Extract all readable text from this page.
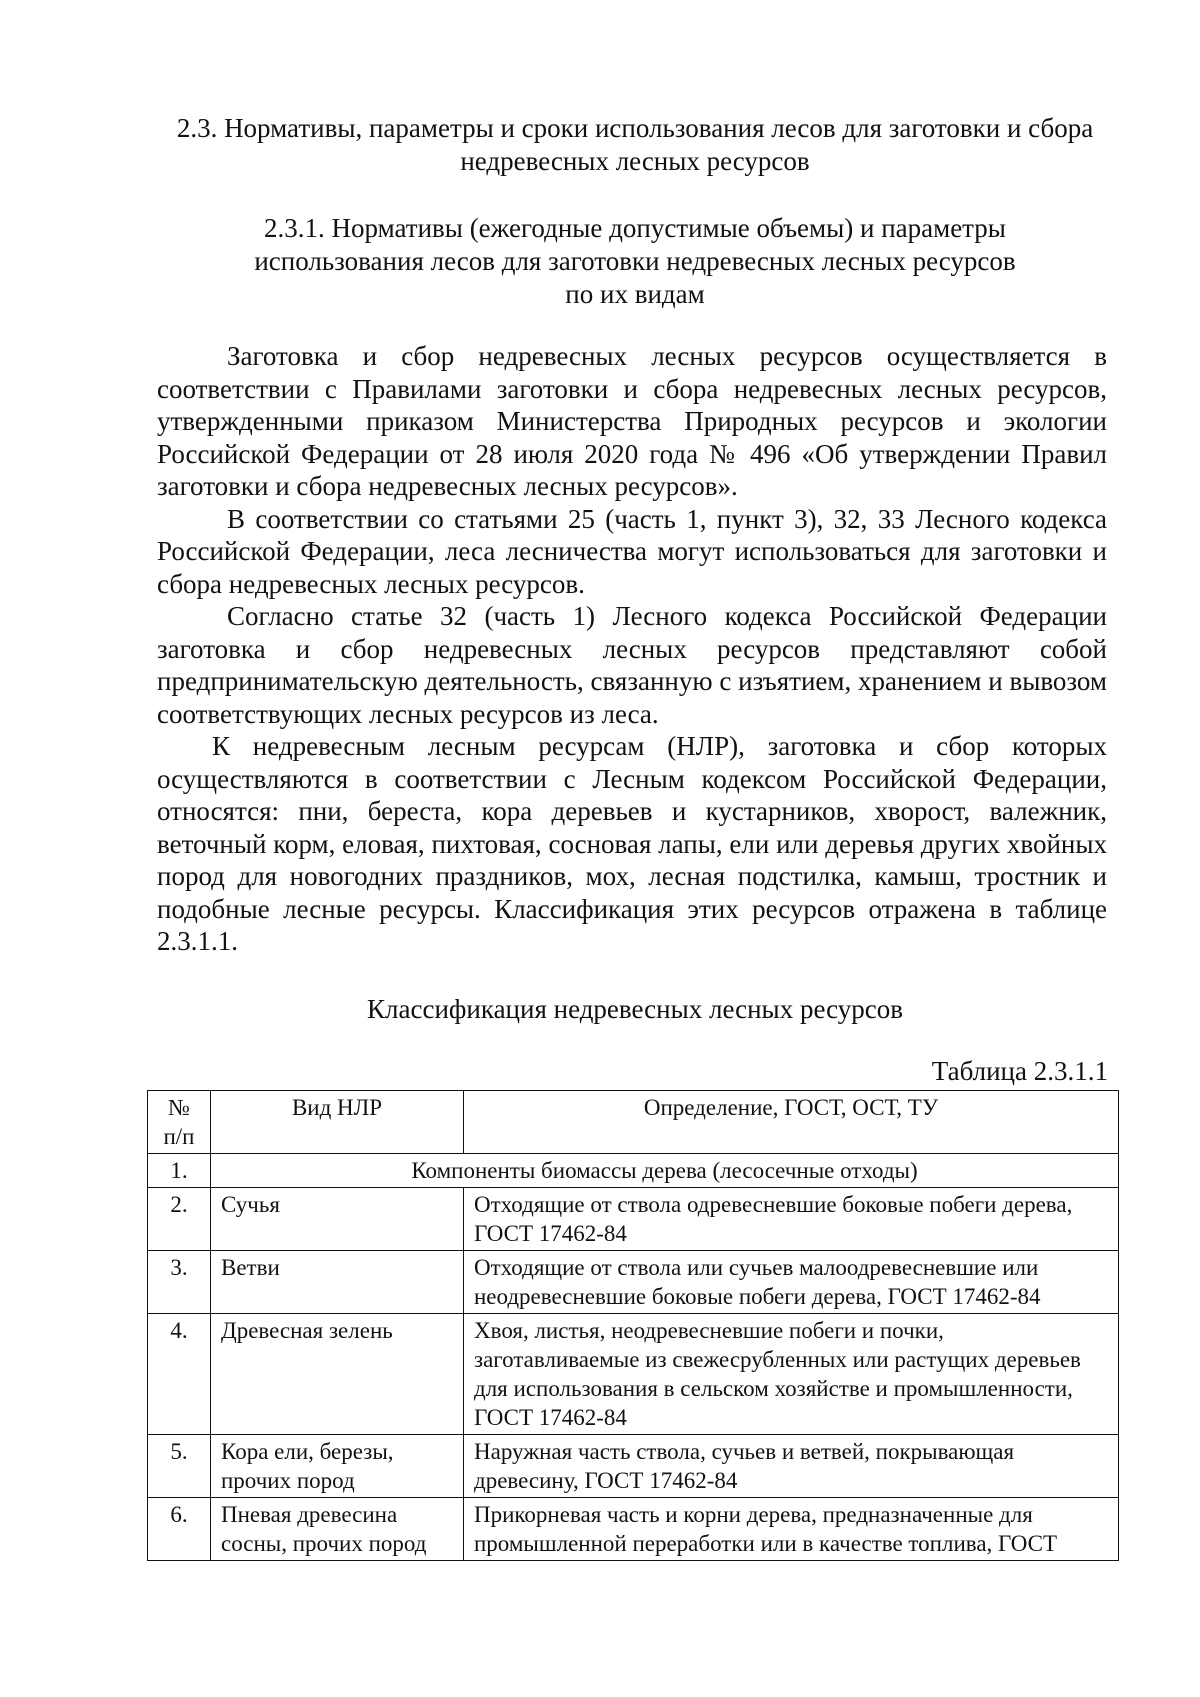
2.3. Нормативы, параметры и сроки использования лесов для заготовки и сбора недревесных лесных ресурсов
2.3.1. Нормативы (ежегодные допустимые объемы) и параметры
использования лесов для заготовки недревесных лесных ресурсов
по их видам

Заготовка и сбор недревесных лесных ресурсов осуществляется в соответствии с Правилами заготовки и сбора недревесных лесных ресурсов, утвержденными приказом Министерства Природных ресурсов и экологии Российской Федерации от 28 июля 2020 года № 496 «Об утверждении Правил заготовки и сбора недревесных лесных ресурсов».

В соответствии со статьями 25 (часть 1, пункт 3), 32, 33 Лесного кодекса Российской Федерации, леса лесничества могут использоваться для заготовки и сбора недревесных лесных ресурсов.

Согласно статье 32 (часть 1) Лесного кодекса Российской Федерации заготовка и сбор недревесных лесных ресурсов представляют собой предпринимательскую деятельность, связанную с изъятием, хранением и вывозом соответствующих лесных ресурсов из леса.

К недревесным лесным ресурсам (НЛР), заготовка и сбор которых осуществляются в соответствии с Лесным кодексом Российской Федерации, относятся: пни, береста, кора деревьев и кустарников, хворост, валежник, веточный корм, еловая, пихтовая, сосновая лапы, ели или деревья других хвойных пород для новогодних праздников, мох, лесная подстилка, камыш, тростник и подобные лесные ресурсы. Классификация этих ресурсов отражена в таблице 2.3.1.1.

Классификация недревесных лесных ресурсов
Таблица 2.3.1.1
№ п/п	Вид НЛР	Определение, ГОСТ, ОСТ, ТУ
1.	Компоненты биомассы дерева (лесосечные отходы)	
2.	Сучья	Отходящие от ствола одревесневшие боковые побеги дерева, ГОСТ 17462-84
3.	Ветви	Отходящие от ствола или сучьев малоодревесневшие или неодревесневшие боковые побеги дерева, ГОСТ 17462-84
4.	Древесная зелень	Хвоя, листья, неодревесневшие побеги и почки, заготавливаемые из свежесрубленных или растущих деревьев для использования в сельском хозяйстве и промышленности, ГОСТ 17462-84
5.	Кора ели, березы, прочих пород	Наружная часть ствола, сучьев и ветвей, покрывающая древесину, ГОСТ 17462-84
6.	Пневая древесина сосны, прочих пород	Прикорневая часть и корни дерева, предназначенные для промышленной переработки или в качестве топлива, ГОСТ
